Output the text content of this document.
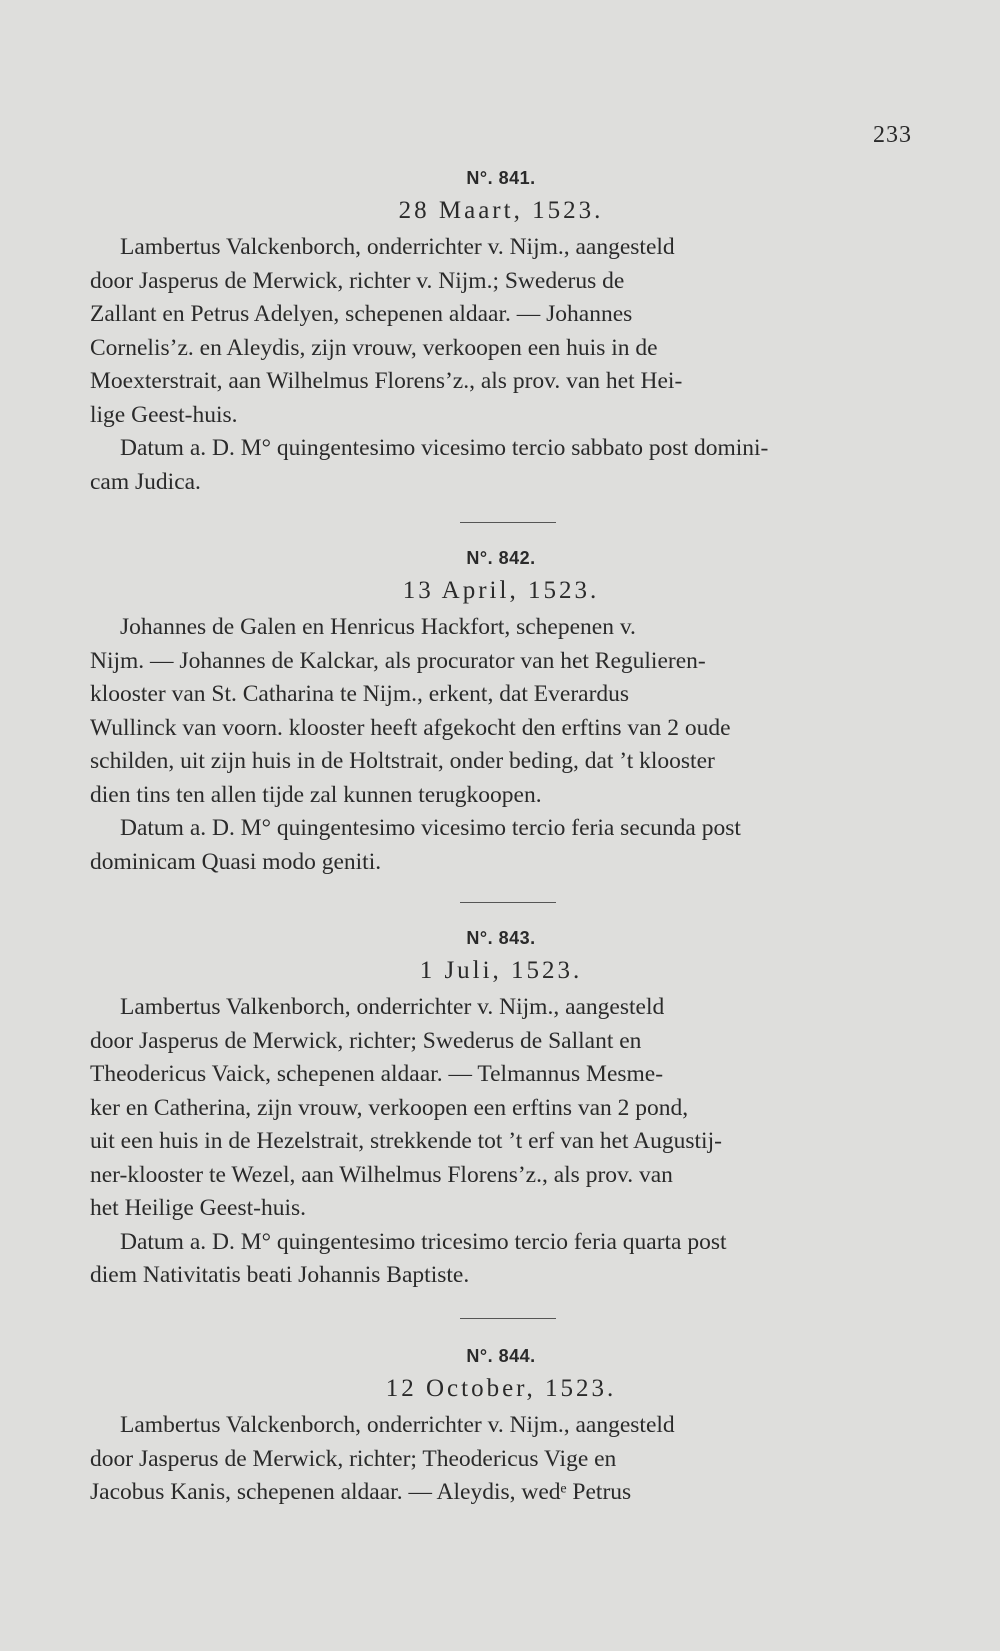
233

N°. 841.

28 Maart, 1523.

Lambertus Valckenborch, onderrichter v. Nijm., aangesteld
door Jasperus de Merwick, richter v. Nijm.; Swederus de
Zallant en Petrus Adelyen, schepenen aldaar. — Johannes
Cornelis’z. en Aleydis, zijn vrouw, verkoopen een huis in de
Moexterstrait, aan Wilhelmus Florens’z., als prov. van het Hei-
lige Geest-huis.
Datum a. D. M° quingentesimo vicesimo tercio sabbato post domini-
cam Judica.

N°. 842.

13 April, 1523.

Johannes de Galen en Henricus Hackfort, schepenen v.
Nijm. — Johannes de Kalckar, als procurator van het Regulieren-
klooster van St. Catharina te Nijm., erkent, dat Everardus
Wullinck van voorn. klooster heeft afgekocht den erftins van 2 oude
schilden, uit zijn huis in de Holtstrait, onder beding, dat ’t klooster
dien tins ten allen tijde zal kunnen terugkoopen.
Datum a. D. M° quingentesimo vicesimo tercio feria secunda post
dominicam Quasi modo geniti.

N°. 843.

1 Juli, 1523.

Lambertus Valkenborch, onderrichter v. Nijm., aangesteld
door Jasperus de Merwick, richter; Swederus de Sallant en
Theodericus Vaick, schepenen aldaar. — Telmannus Mesme-
ker en Catherina, zijn vrouw, verkoopen een erftins van 2 pond,
uit een huis in de Hezelstrait, strekkende tot ’t erf van het Augustij-
ner-klooster te Wezel, aan Wilhelmus Florens’z., als prov. van
het Heilige Geest-huis.
Datum a. D. M° quingentesimo tricesimo tercio feria quarta post
diem Nativitatis beati Johannis Baptiste.

N°. 844.

12 October, 1523.

Lambertus Valckenborch, onderrichter v. Nijm., aangesteld
door Jasperus de Merwick, richter; Theodericus Vige en
Jacobus Kanis, schepenen aldaar. — Aleydis, wedᵉ Petrus
